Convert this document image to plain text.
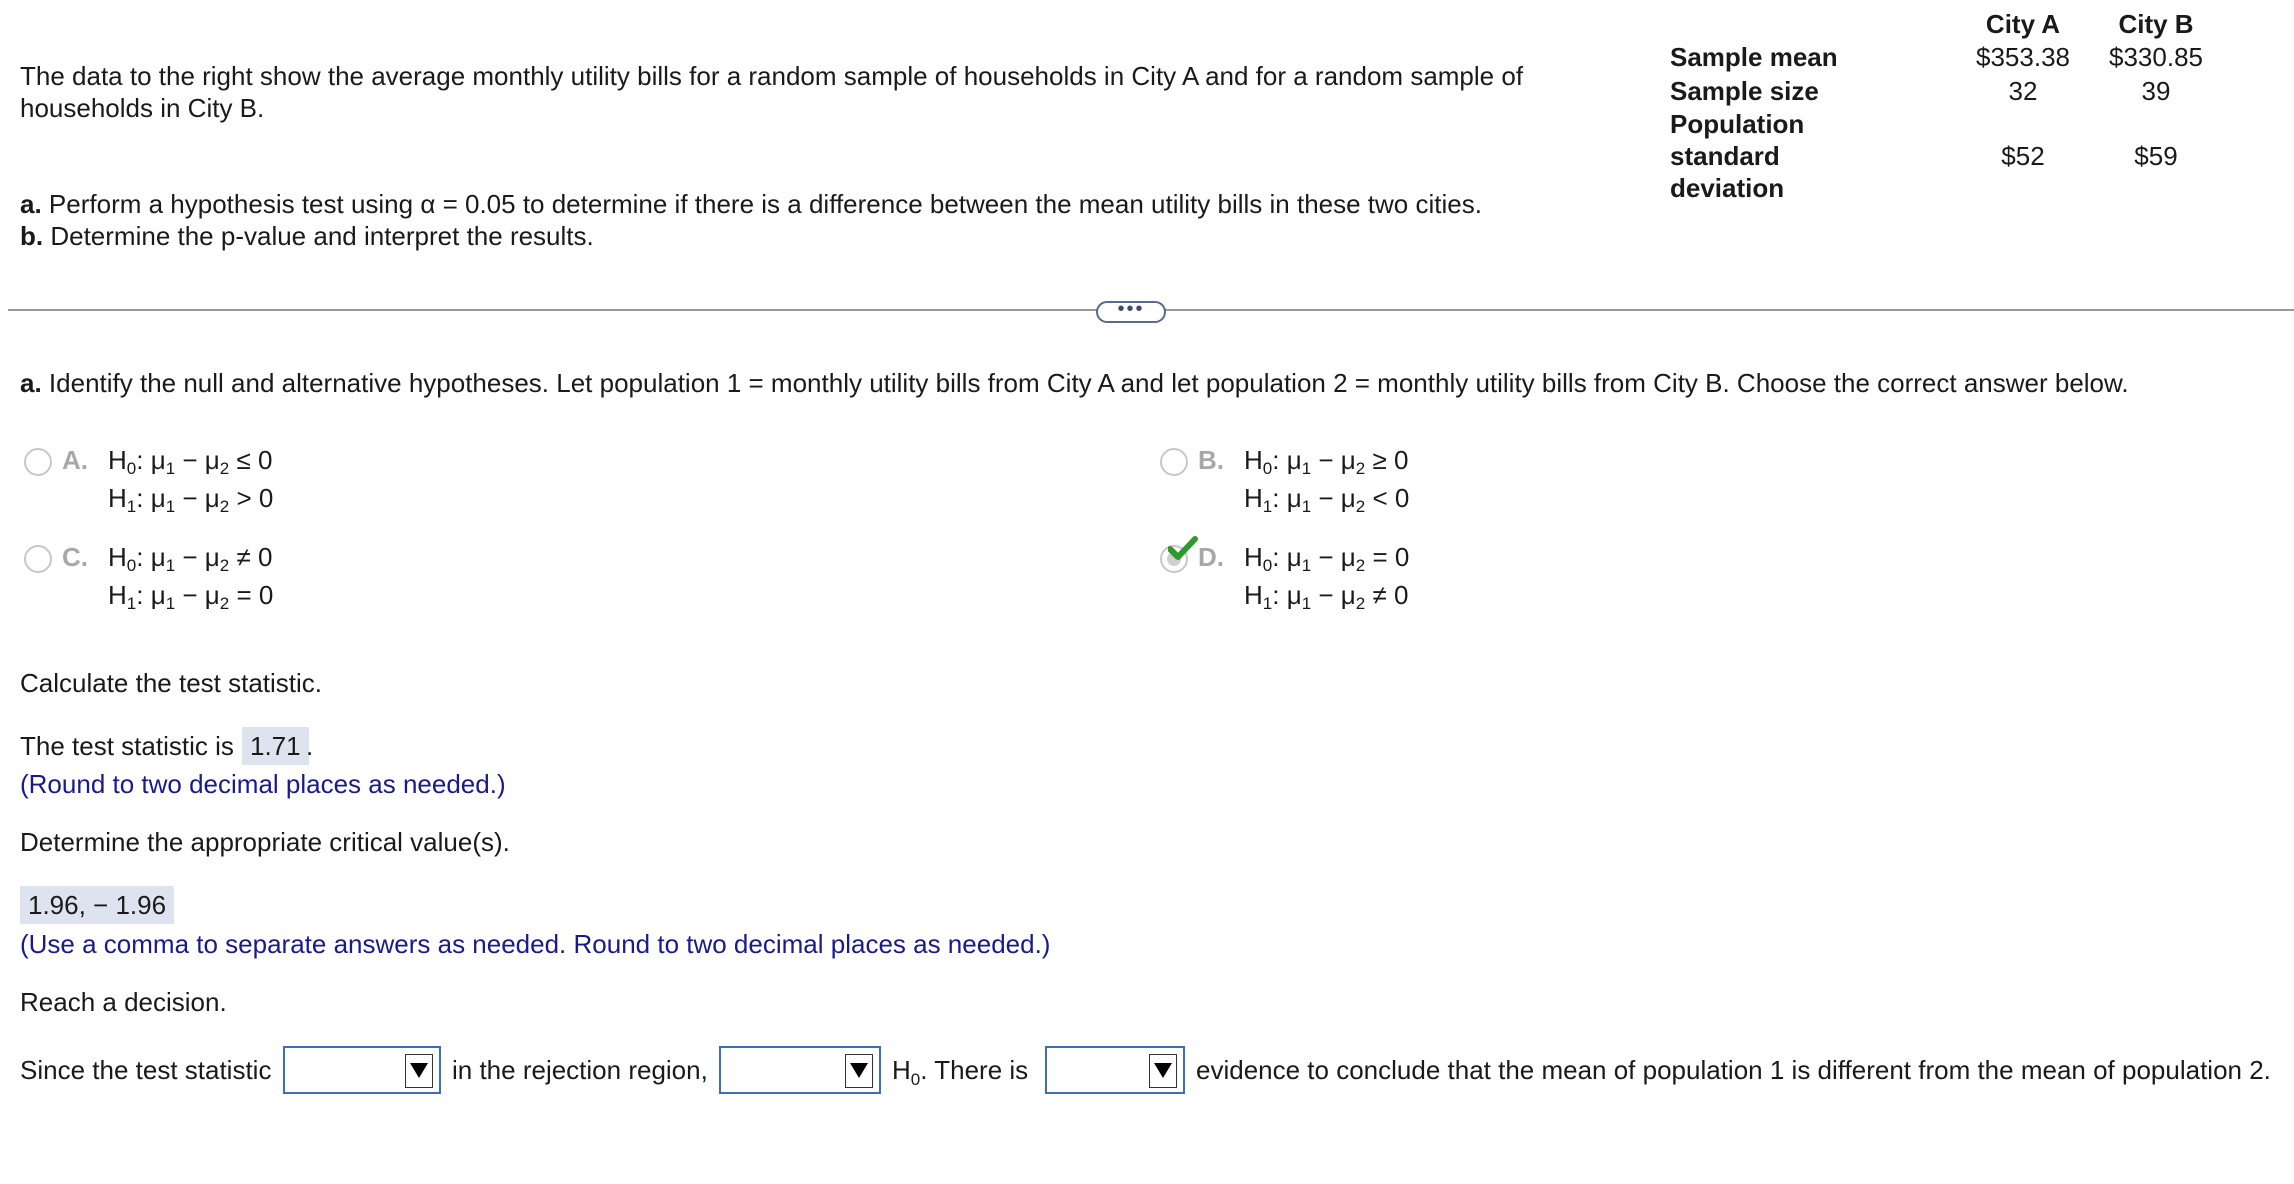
The data to the right show the average monthly utility bills for a random sample of households in City A and for a random sample of households in City B.
a. Perform a hypothesis test using α = 0.05 to determine if there is a difference between the mean utility bills in these two cities.
b. Determine the p-value and interpret the results.
	City A	City B
Sample mean	$353.38	$330.85
Sample size	32	39
Population standard deviation	$52	$59
•••
a. Identify the null and alternative hypotheses. Let population 1 = monthly utility bills from City A and let population 2 = monthly utility bills from City B. Choose the correct answer below.
A. $H_0$: $\mu_1 - \mu_2 \le 0$
$H_1$: $\mu_1 - \mu_2 > 0$
B. $H_0$: $\mu_1 - \mu_2 \ge 0$
$H_1$: $\mu_1 - \mu_2 < 0$
C. $H_0$: $\mu_1 - \mu_2 \ne 0$
$H_1$: $\mu_1 - \mu_2 = 0$
D. $H_0$: $\mu_1 - \mu_2 = 0$
$H_1$: $\mu_1 - \mu_2 \ne 0$
Calculate the test statistic.
The test statistic is 1.71 .
(Round to two decimal places as needed.)
Determine the appropriate critical value(s).
1.96, − 1.96
(Use a comma to separate answers as needed. Round to two decimal places as needed.)
Reach a decision.
Since the test statistic	in the rejection region,	$H_0$. There is	evidence to conclude that the mean of population 1 is different from the mean of population 2.
